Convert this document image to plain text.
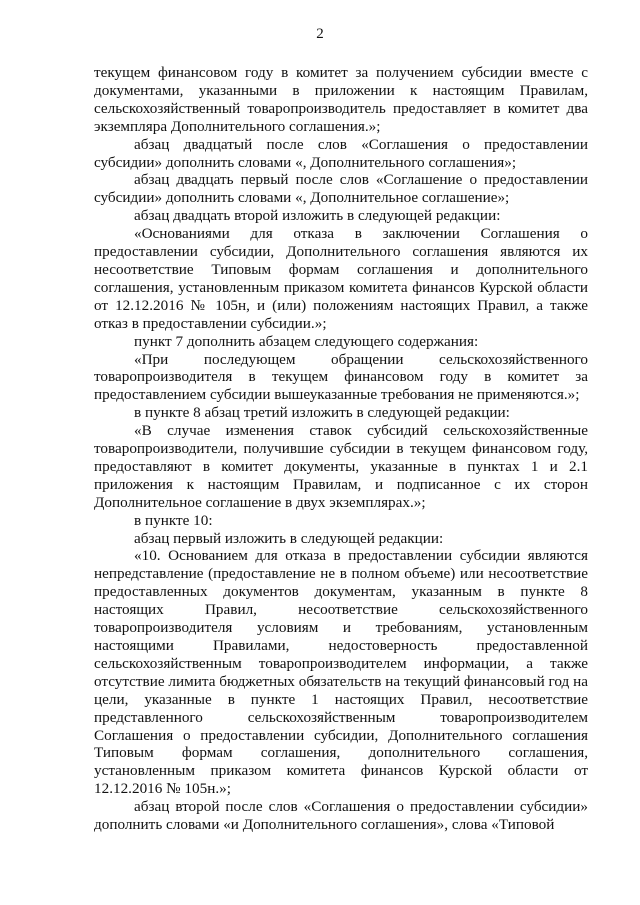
2

текущем финансовом году в комитет за получением субсидии вместе с документами, указанными в приложении к настоящим Правилам, сельскохозяйственный товаропроизводитель предоставляет в комитет два экземпляра Дополнительного соглашения.»;

абзац двадцатый после слов «Соглашения о предоставлении субсидии» дополнить словами «, Дополнительного соглашения»;

абзац двадцать первый после слов «Соглашение о предоставлении субсидии» дополнить словами «, Дополнительное соглашение»;

абзац двадцать второй изложить в следующей редакции:

«Основаниями для отказа в заключении Соглашения о предоставлении субсидии, Дополнительного соглашения являются их несоответствие Типовым формам соглашения и дополнительного соглашения, установленным приказом комитета финансов Курской области от 12.12.2016 № 105н, и (или) положениям настоящих Правил, а также отказ в предоставлении субсидии.»;

пункт 7 дополнить абзацем следующего содержания:

«При последующем обращении сельскохозяйственного товаропроизводителя в текущем финансовом году в комитет за предоставлением субсидии вышеуказанные требования не применяются.»;

в пункте 8 абзац третий изложить в следующей редакции:

«В случае изменения ставок субсидий сельскохозяйственные товаропроизводители, получившие субсидии в текущем финансовом году, предоставляют в комитет документы, указанные в пунктах 1 и 2.1 приложения к настоящим Правилам, и подписанное с их сторон Дополнительное соглашение в двух экземплярах.»;

в пункте 10:

абзац первый изложить в следующей редакции:

«10. Основанием для отказа в предоставлении субсидии являются непредставление (предоставление не в полном объеме) или несоответствие предоставленных документов документам, указанным в пункте 8 настоящих Правил, несоответствие сельскохозяйственного товаропроизводителя условиям и требованиям, установленным настоящими Правилами, недостоверность предоставленной сельскохозяйственным товаропроизводителем информации, а также отсутствие лимита бюджетных обязательств на текущий финансовый год на цели, указанные в пункте 1 настоящих Правил, несоответствие представленного сельскохозяйственным товаропроизводителем Соглашения о предоставлении субсидии, Дополнительного соглашения Типовым формам соглашения, дополнительного соглашения, установленным приказом комитета финансов Курской области от 12.12.2016 № 105н.»;

абзац второй после слов «Соглашения о предоставлении субсидии» дополнить словами «и Дополнительного соглашения», слова «Типовой
